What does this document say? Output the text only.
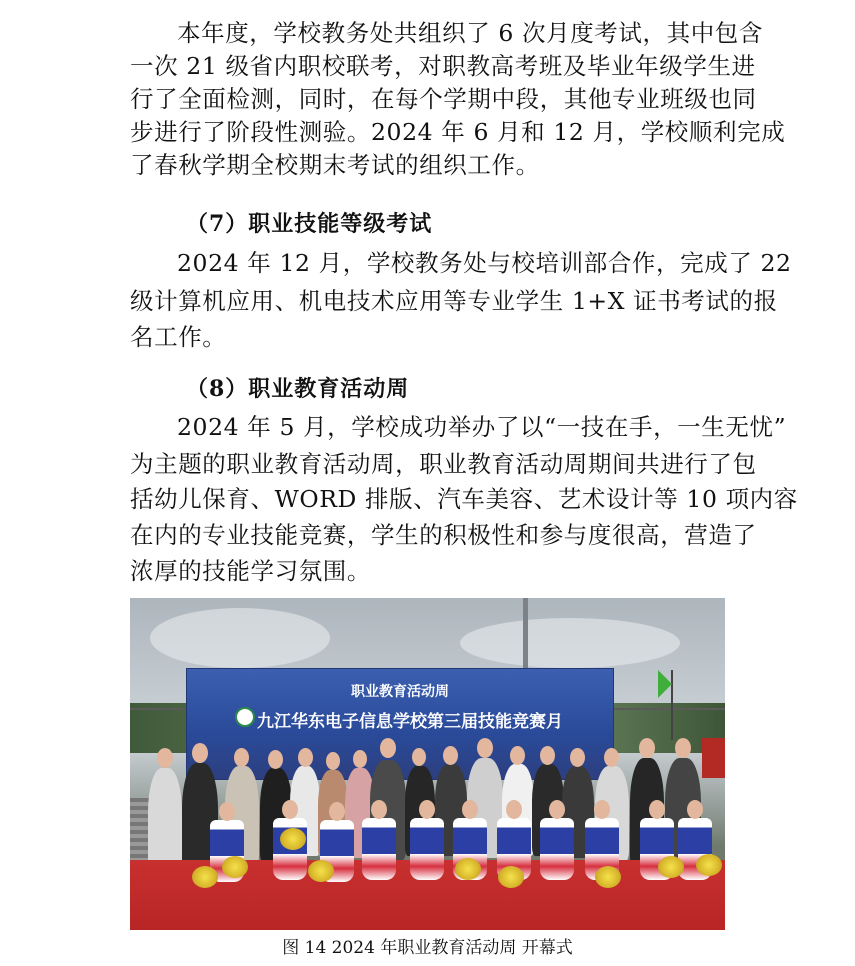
本年度，学校教务处共组织了 6 次月度考试，其中包含
一次 21 级省内职校联考，对职教高考班及毕业年级学生进
行了全面检测，同时，在每个学期中段，其他专业班级也同
步进行了阶段性测验。2024 年 6 月和 12 月，学校顺利完成
了春秋学期全校期末考试的组织工作。
（7）职业技能等级考试
2024 年 12 月，学校教务处与校培训部合作，完成了 22
级计算机应用、机电技术应用等专业学生 1+X 证书考试的报
名工作。
（8）职业教育活动周
2024 年 5 月，学校成功举办了以“一技在手，一生无忧”
为主题的职业教育活动周，职业教育活动周期间共进行了包
括幼儿保育、WORD 排版、汽车美容、艺术设计等 10 项内容
在内的专业技能竞赛，学生的积极性和参与度很高，营造了
浓厚的技能学习氛围。
职业教育活动周
九江华东电子信息学校第三届技能竞赛月
图 14 2024 年职业教育活动周 开幕式
